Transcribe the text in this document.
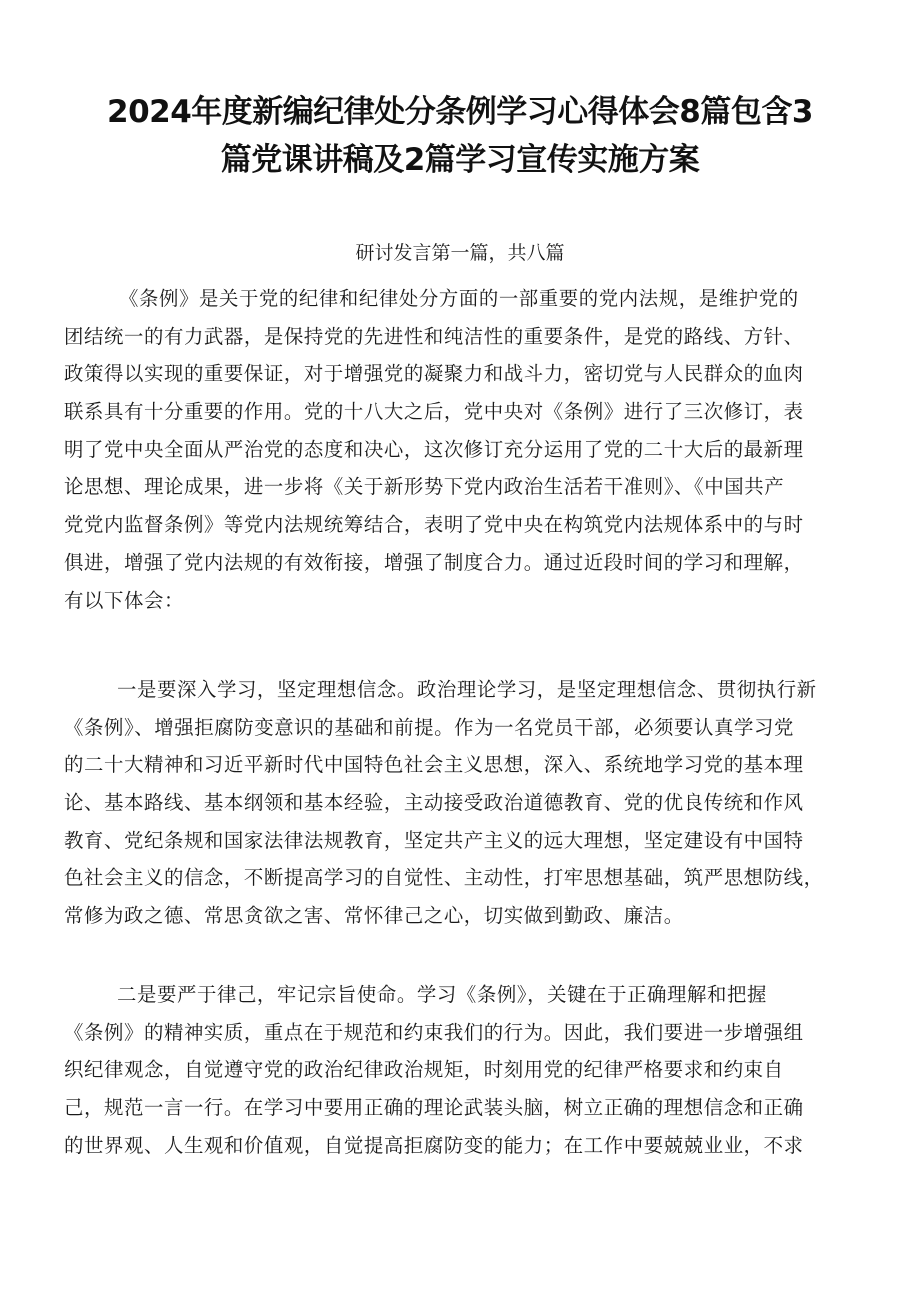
2024年度新编纪律处分条例学习心得体会8篇包含3
篇党课讲稿及2篇学习宣传实施方案
研讨发言第一篇，共八篇
《条例》是关于党的纪律和纪律处分方面的一部重要的党内法规，是维护党的
团结统一的有力武器，是保持党的先进性和纯洁性的重要条件，是党的路线、方针、
政策得以实现的重要保证，对于增强党的凝聚力和战斗力，密切党与人民群众的血肉
联系具有十分重要的作用。党的十八大之后，党中央对《条例》进行了三次修订，表
明了党中央全面从严治党的态度和决心，这次修订充分运用了党的二十大后的最新理
论思想、理论成果，进一步将《关于新形势下党内政治生活若干准则》、《中国共产
党党内监督条例》等党内法规统筹结合，表明了党中央在构筑党内法规体系中的与时
俱进，增强了党内法规的有效衔接，增强了制度合力。通过近段时间的学习和理解，
有以下体会：
一是要深入学习，坚定理想信念。政治理论学习，是坚定理想信念、贯彻执行新
《条例》、增强拒腐防变意识的基础和前提。作为一名党员干部，必须要认真学习党
的二十大精神和习近平新时代中国特色社会主义思想，深入、系统地学习党的基本理
论、基本路线、基本纲领和基本经验，主动接受政治道德教育、党的优良传统和作风
教育、党纪条规和国家法律法规教育，坚定共产主义的远大理想，坚定建设有中国特
色社会主义的信念，不断提高学习的自觉性、主动性，打牢思想基础，筑严思想防线，
常修为政之德、常思贪欲之害、常怀律己之心，切实做到勤政、廉洁。
二是要严于律己，牢记宗旨使命。学习《条例》，关键在于正确理解和把握
《条例》的精神实质，重点在于规范和约束我们的行为。因此，我们要进一步增强组
织纪律观念，自觉遵守党的政治纪律政治规矩，时刻用党的纪律严格要求和约束自
己，规范一言一行。在学习中要用正确的理论武装头脑，树立正确的理想信念和正确
的世界观、人生观和价值观，自觉提高拒腐防变的能力；在工作中要兢兢业业，不求
